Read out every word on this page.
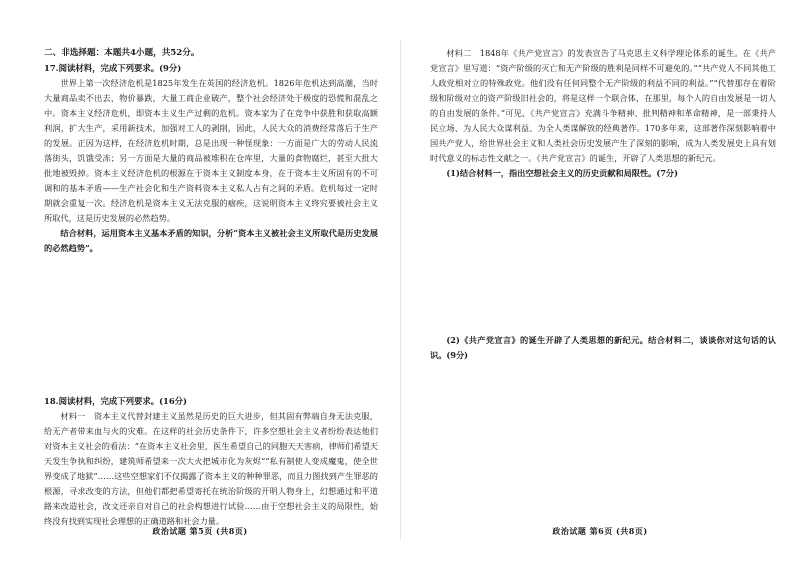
二、非选择题：本题共4小题，共52分。
17.阅读材料，完成下列要求。(9分)

世界上第一次经济危机是1825年发生在英国的经济危机。1826年危机达到高潮，当时大量商品卖不出去，物价暴跌，大量工商企业破产，整个社会经济处于极度的恐慌和混乱之中。资本主义经济危机，即资本主义生产过剩的危机。资本家为了在竞争中获胜和获取高额利润，扩大生产，采用新技术，加强对工人的剥削，因此，人民大众的消费经常落后于生产的发展。正因为这样，在经济危机时期，总是出现一种怪现象：一方面是广大的劳动人民流落街头，饥饿受冻；另一方面是大量的商品被堆积在仓库里，大量的食物腐烂，甚至大批大批地被毁掉。资本主义经济危机的根源在于资本主义制度本身，在于资本主义所固有的不可调和的基本矛盾——生产社会化和生产资料资本主义私人占有之间的矛盾。危机每过一定时期就会重复一次。经济危机是资本主义无法克服的痼疾，这说明资本主义终究要被社会主义所取代，这是历史发展的必然趋势。

结合材料，运用资本主义基本矛盾的知识，分析“资本主义被社会主义所取代是历史发展的必然趋势”。

18.阅读材料，完成下列要求。(16分)

材料一　资本主义代替封建主义虽然是历史的巨大进步，但其固有弊端自身无法克服，给无产者带来血与火的灾难。在这样的社会历史条件下，许多空想社会主义者纷纷表达他们对资本主义社会的看法：“在资本主义社会里，医生希望自己的同胞天天害病，律师们希望天天发生争执和纠纷，建筑师希望来一次大火把城市化为灰烬”“私有制使人变成魔鬼，使全世界变成了地狱”……这些空想家们不仅揭露了资本主义的种种罪恶，而且力图找到产生罪恶的根源，寻求改变的方法，但他们都把希望寄托在统治阶级的开明人物身上，幻想通过和平道路来改造社会，改文还亲自对自己的社会构想进行试验……由于空想社会主义的局限性，始终没有找到实现社会理想的正确道路和社会力量。

材料二　1848年《共产党宣言》的发表宣告了马克思主义科学理论体系的诞生。在《共产党宣言》里写道：“资产阶级的灭亡和无产阶级的胜利是同样不可避免的。”“共产党人不同其他工人政党相对立的特殊政党。他们没有任何同整个无产阶级的利益不同的利益。”“代替那存在着阶级和阶级对立的资产阶级旧社会的，将是这样一个联合体，在那里，每个人的自由发展是一切人的自由发展的条件。”可见，《共产党宣言》充满斗争精神、批判精神和革命精神，是一部秉持人民立场、为人民大众谋利益、为全人类谋解放的经典著作。170多年来，这部著作深刻影响着中国共产党人，给世界社会主义和人类社会历史发展产生了深刻的影响，成为人类发展史上具有划时代意义的标志性文献之一。《共产党宣言》的诞生，开辟了人类思想的新纪元。

(1)结合材料一，指出空想社会主义的历史贡献和局限性。(7分)

(2)《共产党宣言》的诞生开辟了人类思想的新纪元。结合材料二，谈谈你对这句话的认识。(9分)

政治试题 第5页 (共8页)	政治试题 第6页 (共8页)
